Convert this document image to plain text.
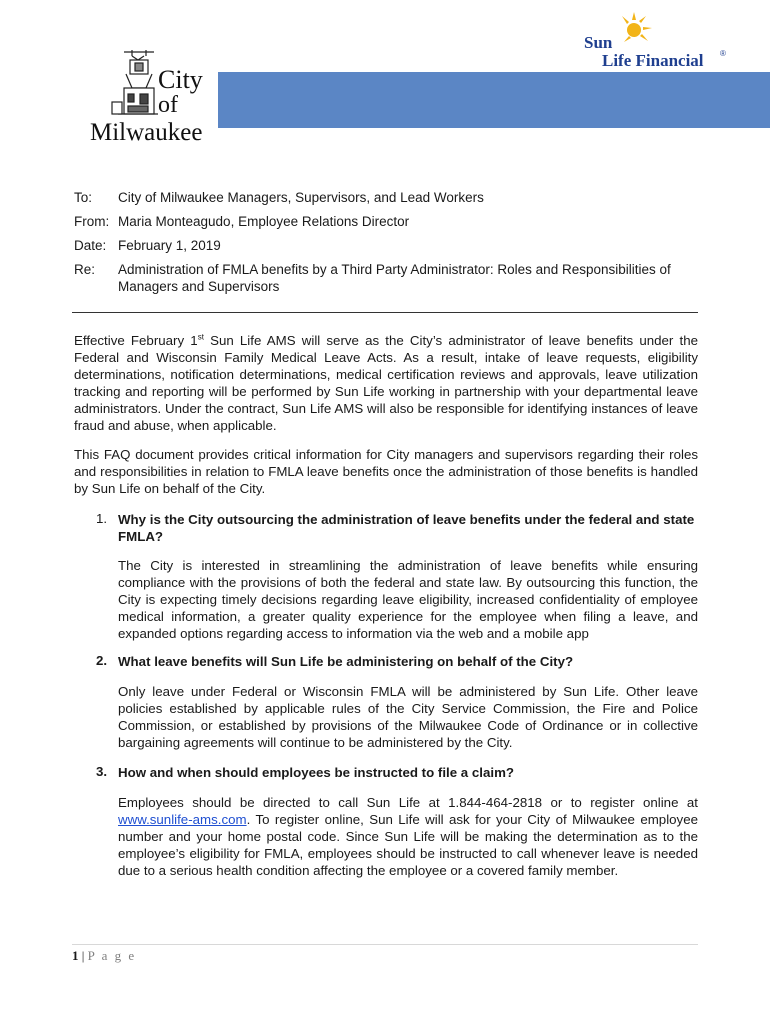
City
of
Milwaukee
Sun
Life Financial ®
To:	City of Milwaukee Managers, Supervisors, and Lead Workers
From: Maria Monteagudo, Employee Relations Director
Date: February 1, 2019
Re:	Administration of FMLA benefits by a Third Party Administrator: Roles and Responsibilities of Managers and Supervisors
Effective February 1st Sun Life AMS will serve as the City’s administrator of leave benefits under the Federal and Wisconsin Family Medical Leave Acts. As a result, intake of leave requests, eligibility determinations, notification determinations, medical certification reviews and approvals, leave utilization tracking and reporting will be performed by Sun Life working in partnership with your departmental leave administrators. Under the contract, Sun Life AMS will also be responsible for identifying instances of leave fraud and abuse, when applicable.
This FAQ document provides critical information for City managers and supervisors regarding their roles and responsibilities in relation to FMLA leave benefits once the administration of those benefits is handled by Sun Life on behalf of the City.
1. Why is the City outsourcing the administration of leave benefits under the federal and state FMLA?
The City is interested in streamlining the administration of leave benefits while ensuring compliance with the provisions of both the federal and state law. By outsourcing this function, the City is expecting timely decisions regarding leave eligibility, increased confidentiality of employee medical information, a greater quality experience for the employee when filing a leave, and expanded options regarding access to information via the web and a mobile app
2. What leave benefits will Sun Life be administering on behalf of the City?
Only leave under Federal or Wisconsin FMLA will be administered by Sun Life. Other leave policies established by applicable rules of the City Service Commission, the Fire and Police Commission, or established by provisions of the Milwaukee Code of Ordinance or in collective bargaining agreements will continue to be administered by the City.
3. How and when should employees be instructed to file a claim?
Employees should be directed to call Sun Life at 1.844-464-2818 or to register online at www.sunlife-ams.com. To register online, Sun Life will ask for your City of Milwaukee employee number and your home postal code. Since Sun Life will be making the determination as to the employee’s eligibility for FMLA, employees should be instructed to call whenever leave is needed due to a serious health condition affecting the employee or a covered family member.
1 | P a g e
